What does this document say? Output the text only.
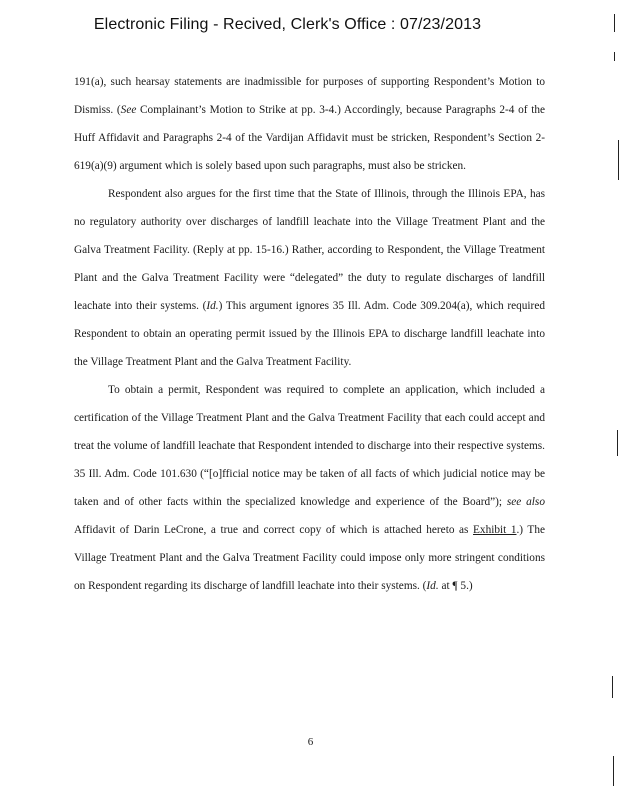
Electronic Filing - Recived, Clerk's Office : 07/23/2013

191(a), such hearsay statements are inadmissible for purposes of supporting Respondent’s Motion to Dismiss. (See Complainant’s Motion to Strike at pp. 3-4.) Accordingly, because Paragraphs 2-4 of the Huff Affidavit and Paragraphs 2-4 of the Vardijan Affidavit must be stricken, Respondent’s Section 2-619(a)(9) argument which is solely based upon such paragraphs, must also be stricken.

Respondent also argues for the first time that the State of Illinois, through the Illinois EPA, has no regulatory authority over discharges of landfill leachate into the Village Treatment Plant and the Galva Treatment Facility. (Reply at pp. 15-16.) Rather, according to Respondent, the Village Treatment Plant and the Galva Treatment Facility were “delegated” the duty to regulate discharges of landfill leachate into their systems. (Id.) This argument ignores 35 Ill. Adm. Code 309.204(a), which required Respondent to obtain an operating permit issued by the Illinois EPA to discharge landfill leachate into the Village Treatment Plant and the Galva Treatment Facility.

To obtain a permit, Respondent was required to complete an application, which included a certification of the Village Treatment Plant and the Galva Treatment Facility that each could accept and treat the volume of landfill leachate that Respondent intended to discharge into their respective systems. 35 Ill. Adm. Code 101.630 (“[o]fficial notice may be taken of all facts of which judicial notice may be taken and of other facts within the specialized knowledge and experience of the Board”); see also Affidavit of Darin LeCrone, a true and correct copy of which is attached hereto as Exhibit 1.) The Village Treatment Plant and the Galva Treatment Facility could impose only more stringent conditions on Respondent regarding its discharge of landfill leachate into their systems. (Id. at ¶ 5.)

6
